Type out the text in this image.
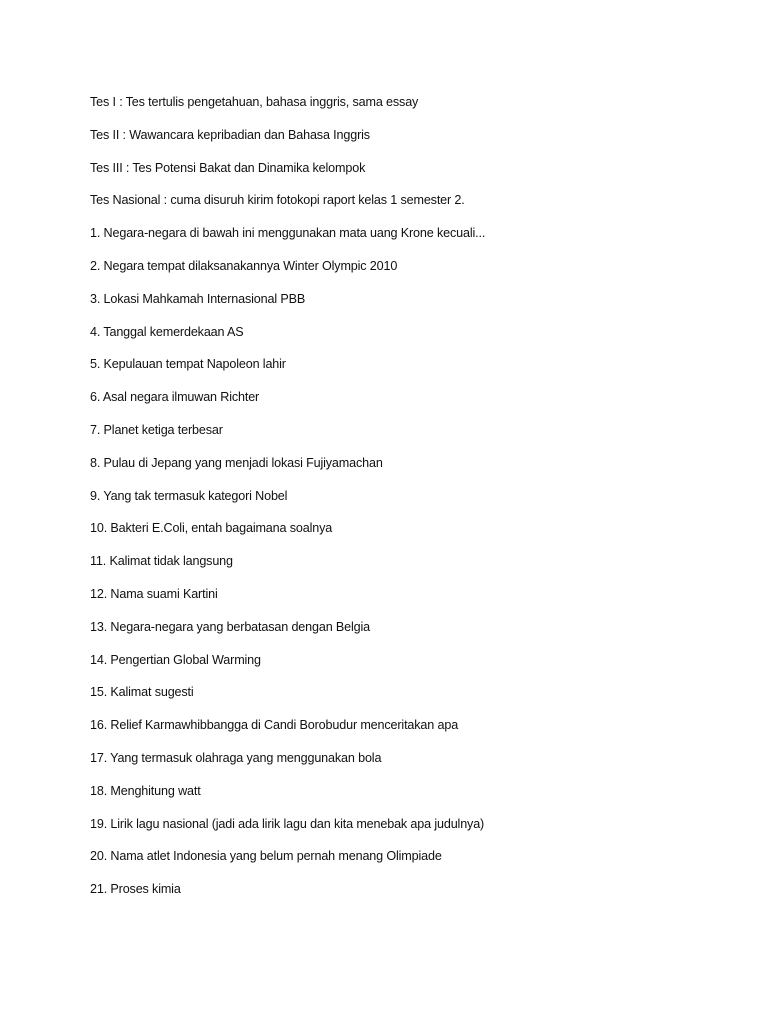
Tes I : Tes tertulis pengetahuan, bahasa inggris, sama essay
Tes II : Wawancara kepribadian dan Bahasa Inggris
Tes III : Tes Potensi Bakat dan Dinamika kelompok
Tes Nasional : cuma disuruh kirim fotokopi raport kelas 1 semester 2.
1. Negara-negara di bawah ini menggunakan mata uang Krone kecuali...
2. Negara tempat dilaksanakannya Winter Olympic 2010
3. Lokasi Mahkamah Internasional PBB
4. Tanggal kemerdekaan AS
5. Kepulauan tempat Napoleon lahir
6. Asal negara ilmuwan Richter
7. Planet ketiga terbesar
8. Pulau di Jepang yang menjadi lokasi Fujiyamachan
9. Yang tak termasuk kategori Nobel
10. Bakteri E.Coli, entah bagaimana soalnya
11. Kalimat tidak langsung
12. Nama suami Kartini
13. Negara-negara yang berbatasan dengan Belgia
14. Pengertian Global Warming
15. Kalimat sugesti
16. Relief Karmawhibbangga di Candi Borobudur menceritakan apa
17. Yang termasuk olahraga yang menggunakan bola
18. Menghitung watt
19. Lirik lagu nasional (jadi ada lirik lagu dan kita menebak apa judulnya)
20. Nama atlet Indonesia yang belum pernah menang Olimpiade
21. Proses kimia
